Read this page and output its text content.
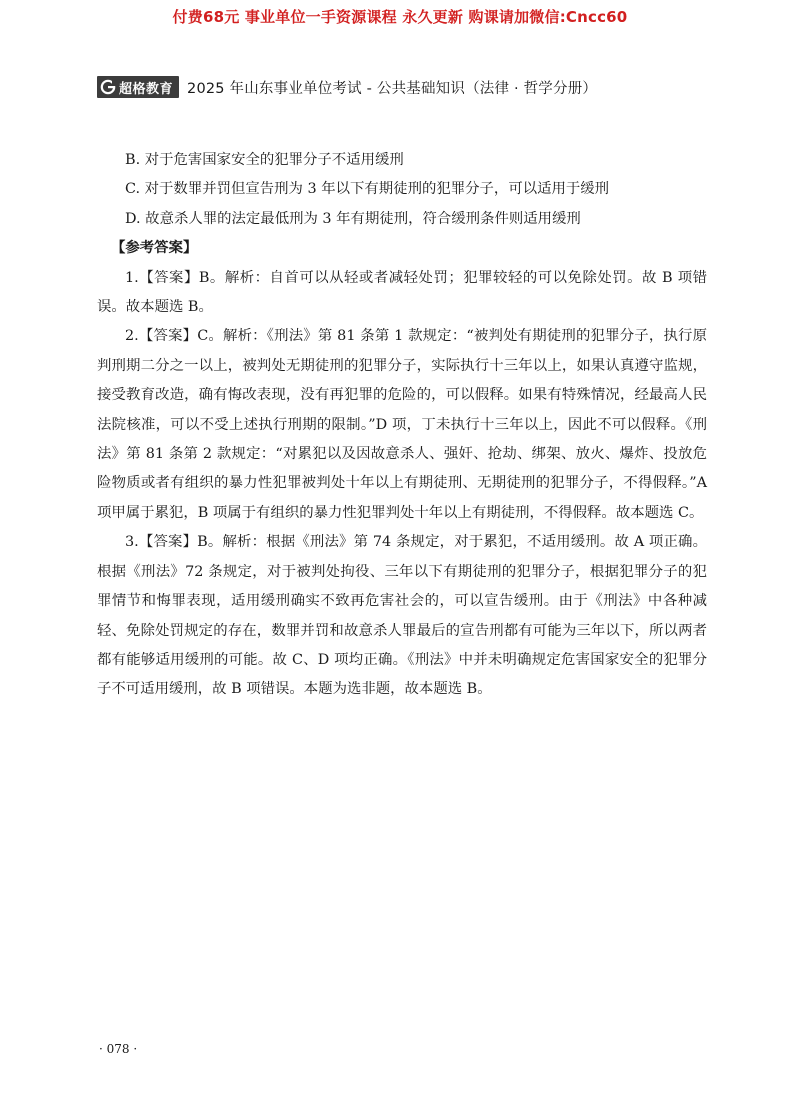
付费68元 事业单位一手资源课程 永久更新 购课请加微信:Cncc60
超格教育 2025 年山东事业单位考试 - 公共基础知识（法律 · 哲学分册）

B. 对于危害国家安全的犯罪分子不适用缓刑

C. 对于数罪并罚但宣告刑为 3 年以下有期徒刑的犯罪分子，可以适用于缓刑

D. 故意杀人罪的法定最低刑为 3 年有期徒刑，符合缓刑条件则适用缓刑

【参考答案】

1.【答案】B。解析：自首可以从轻或者减轻处罚；犯罪较轻的可以免除处罚。故 B 项错误。故本题选 B。

2.【答案】C。解析：《刑法》第 81 条第 1 款规定：“被判处有期徒刑的犯罪分子，执行原判刑期二分之一以上，被判处无期徒刑的犯罪分子，实际执行十三年以上，如果认真遵守监规，接受教育改造，确有悔改表现，没有再犯罪的危险的，可以假释。如果有特殊情况，经最高人民法院核准，可以不受上述执行刑期的限制。”D 项，丁未执行十三年以上，因此不可以假释。《刑法》第 81 条第 2 款规定：“对累犯以及因故意杀人、强奸、抢劫、绑架、放火、爆炸、投放危险物质或者有组织的暴力性犯罪被判处十年以上有期徒刑、无期徒刑的犯罪分子，不得假释。”A 项甲属于累犯，B 项属于有组织的暴力性犯罪判处十年以上有期徒刑，不得假释。故本题选 C。

3.【答案】B。解析：根据《刑法》第 74 条规定，对于累犯，不适用缓刑。故 A 项正确。根据《刑法》72 条规定，对于被判处拘役、三年以下有期徒刑的犯罪分子，根据犯罪分子的犯罪情节和悔罪表现，适用缓刑确实不致再危害社会的，可以宣告缓刑。由于《刑法》中各种减轻、免除处罚规定的存在，数罪并罚和故意杀人罪最后的宣告刑都有可能为三年以下，所以两者都有能够适用缓刑的可能。故 C、D 项均正确。《刑法》中并未明确规定危害国家安全的犯罪分子不可适用缓刑，故 B 项错误。本题为选非题，故本题选 B。

· 078 ·
